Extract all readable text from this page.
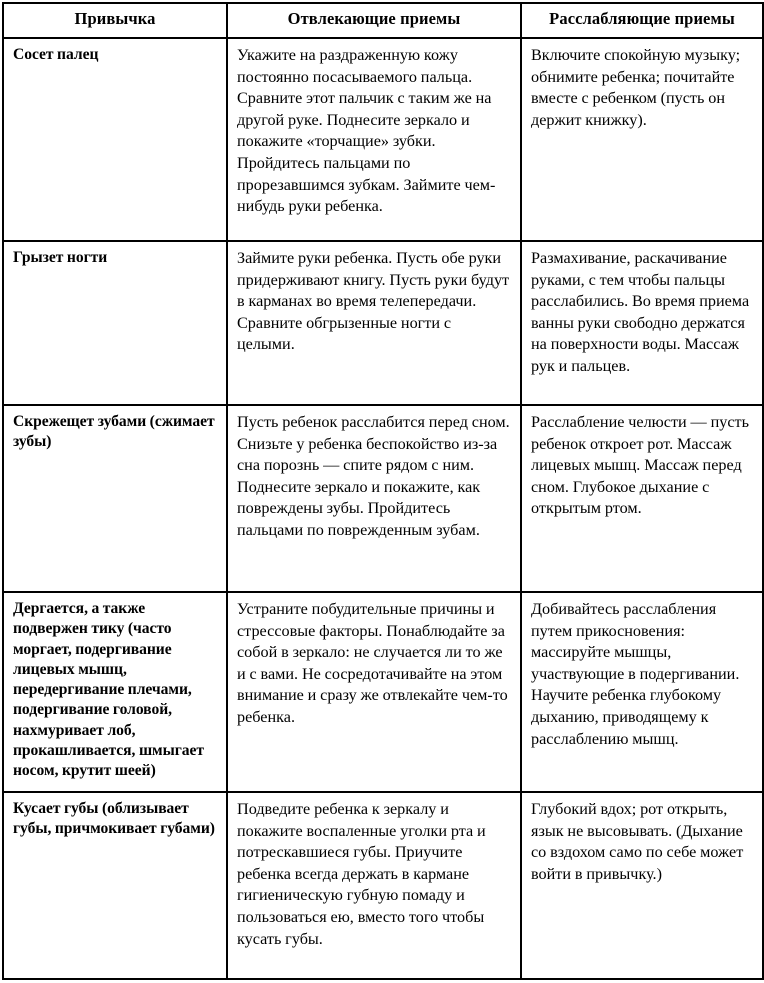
Привычка	Отвлекающие приемы	Расслабляющие приемы
Сосет палец	Укажите на раздраженную кожу постоянно посасываемого пальца. Сравните этот пальчик с таким же на другой руке. Поднесите зеркало и покажите «торчащие» зубки. Пройдитесь пальцами по прорезавшимся зубкам. Займите чем-нибудь руки ребенка.	Включите спокойную музыку; обнимите ребенка; почитайте вместе с ребенком (пусть он держит книжку).
Грызет ногти	Займите руки ребенка. Пусть обе руки придерживают книгу. Пусть руки будут в карманах во время телепередачи. Сравните обгрызенные ногти с целыми.	Размахивание, раскачивание руками, с тем чтобы пальцы расслабились. Во время приема ванны руки свободно держатся на поверхности воды. Массаж рук и пальцев.
Скрежещет зубами (сжимает зубы)	Пусть ребенок расслабится перед сном. Снизьте у ребенка беспокойство из-за сна порознь — спите рядом с ним. Поднесите зеркало и покажите, как повреждены зубы. Пройдитесь пальцами по поврежденным зубам.	Расслабление челюсти — пусть ребенок откроет рот. Массаж лицевых мышц. Массаж перед сном. Глубокое дыхание с открытым ртом.
Дергается, а также подвержен тику (часто моргает, подергивание лицевых мышц, передергивание плечами, подергивание головой, нахмуривает лоб, прокашливается, шмыгает носом, крутит шеей)	Устраните побудительные причины и стрессовые факторы. Понаблюдайте за собой в зеркало: не случается ли то же и с вами. Не сосредотачивайте на этом внимание и сразу же отвлекайте чем-то ребенка.	Добивайтесь расслабления путем прикосновения: массируйте мышцы, участвующие в подергивании. Научите ребенка глубокому дыханию, приводящему к расслаблению мышц.
Кусает губы (облизывает губы, причмокивает губами)	Подведите ребенка к зеркалу и покажите воспаленные уголки рта и потрескавшиеся губы. Приучите ребенка всегда держать в кармане гигиеническую губную помаду и пользоваться ею, вместо того чтобы кусать губы.	Глубокий вдох; рот открыть, язык не высовывать. (Дыхание со вздохом само по себе может войти в привычку.)
